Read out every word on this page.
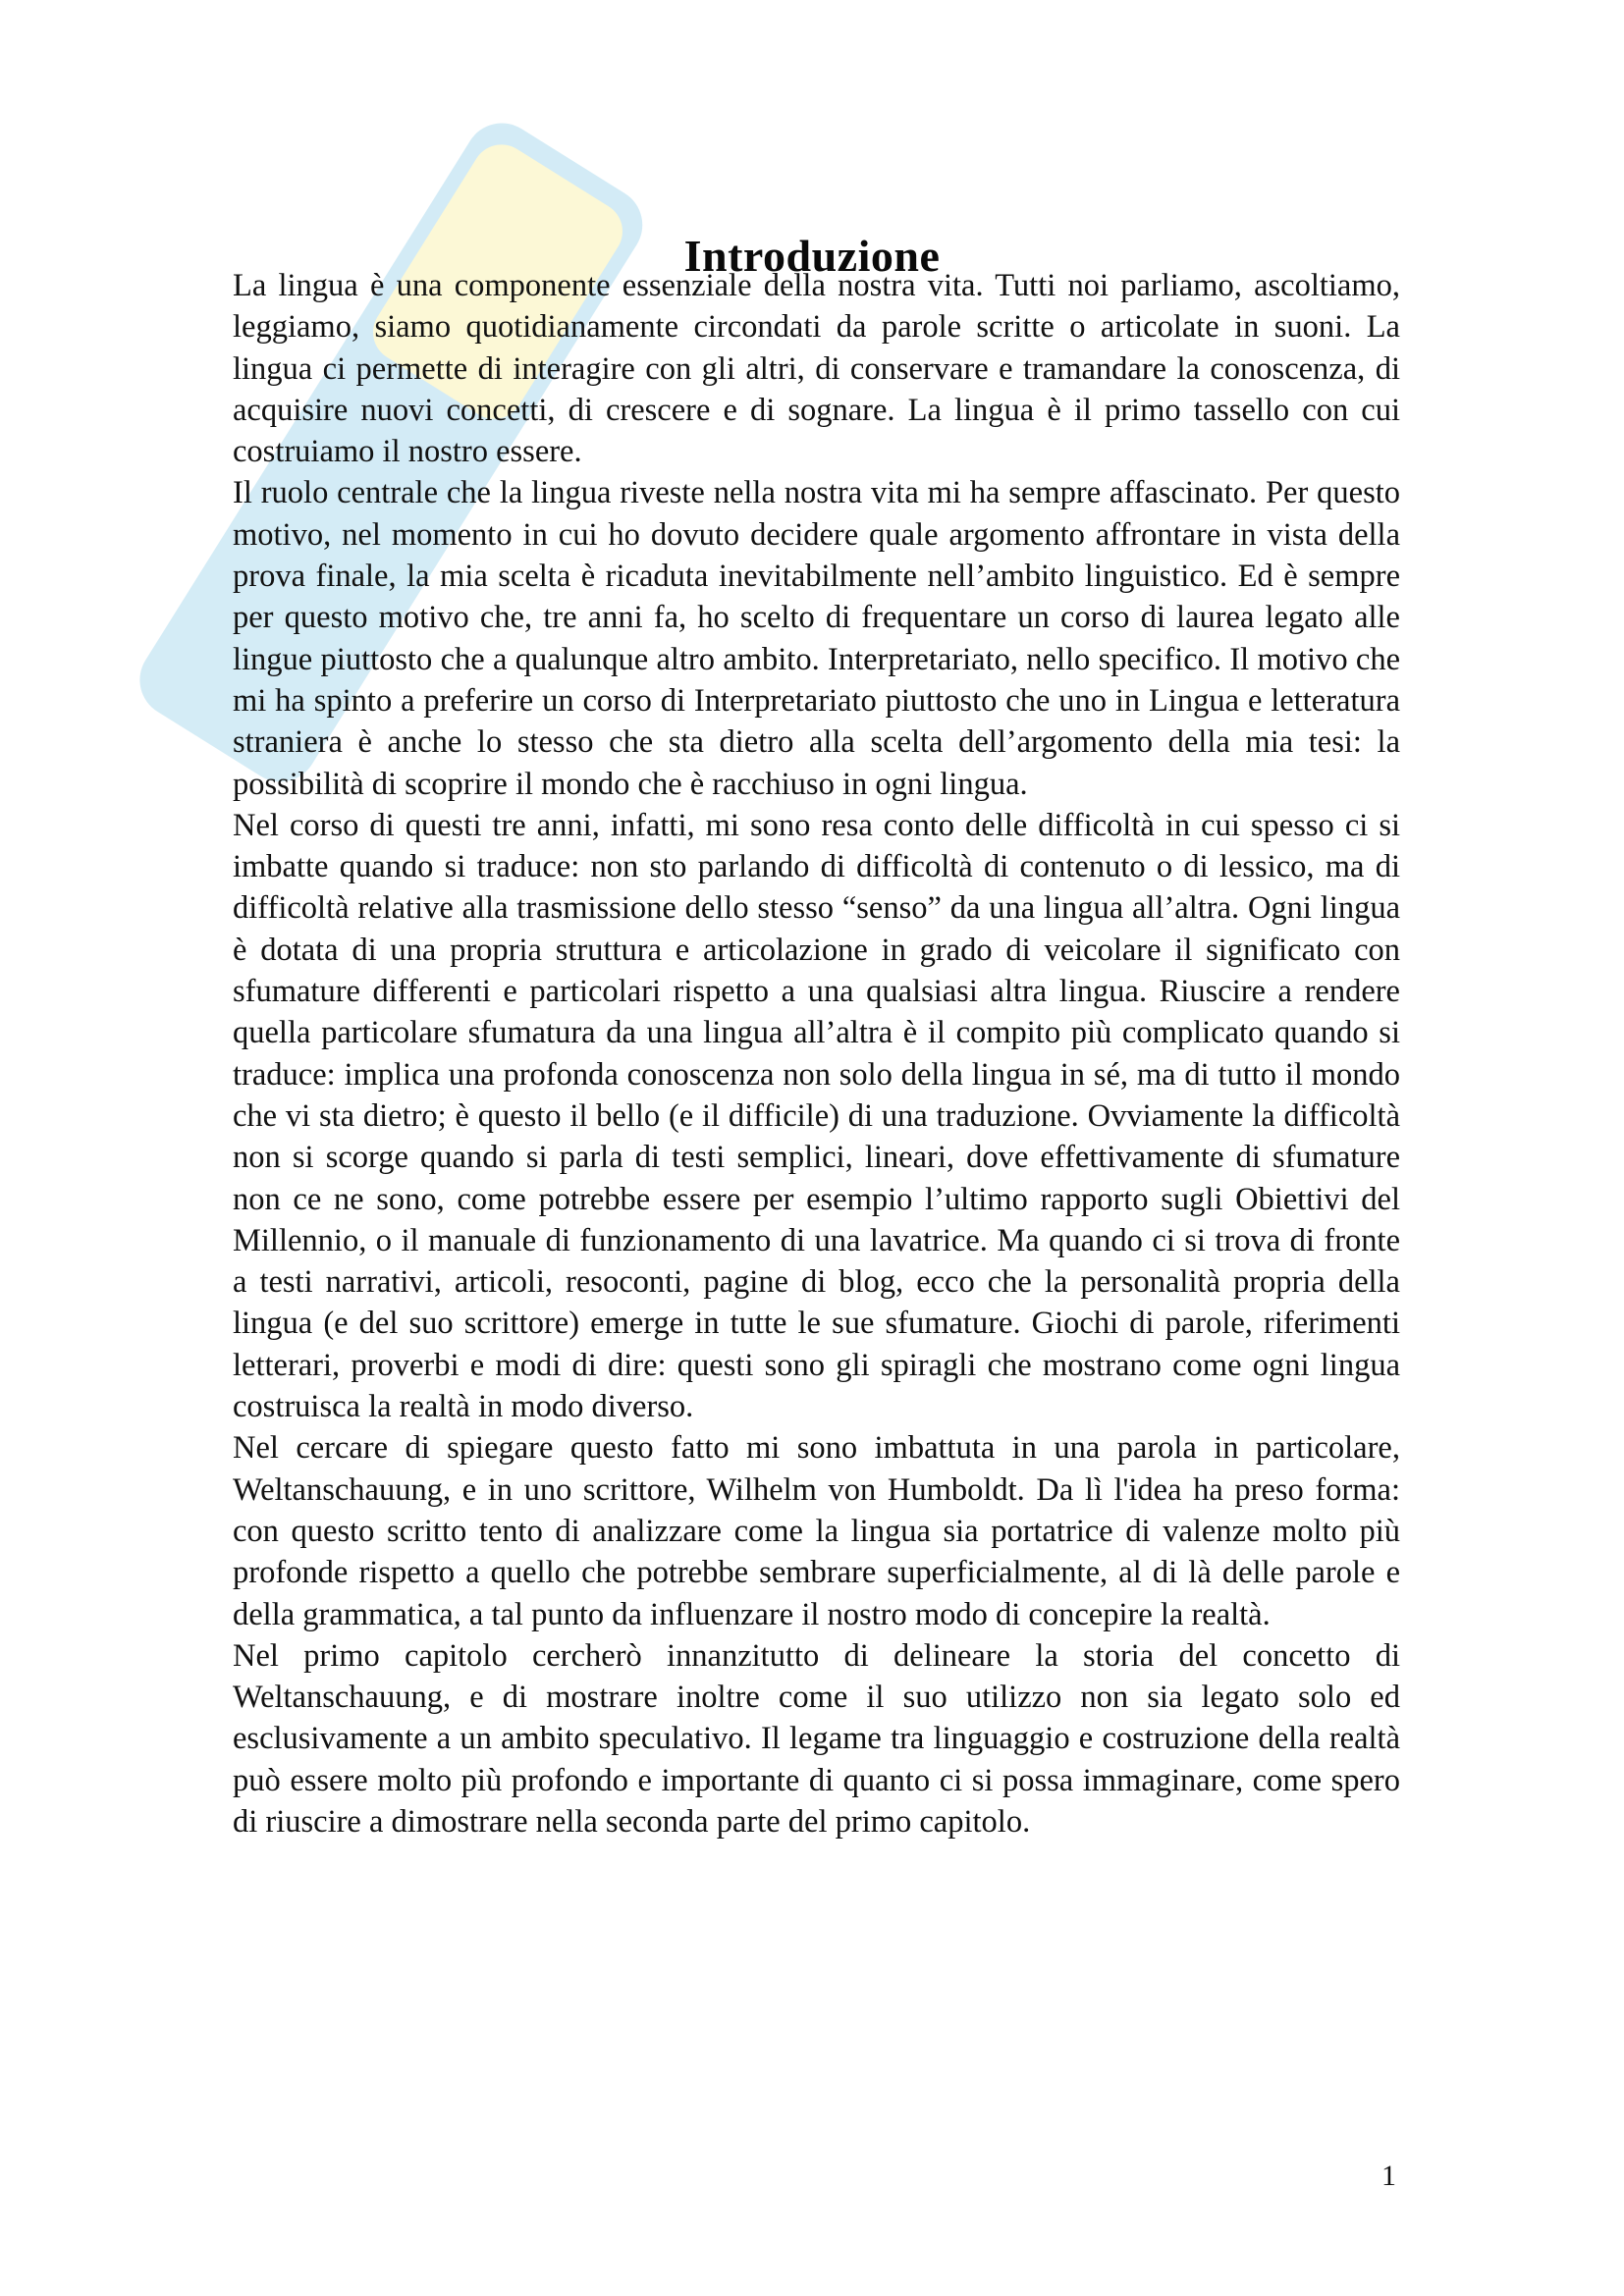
Introduzione

La lingua è una componente essenziale della nostra vita. Tutti noi parliamo, ascoltiamo, leggiamo, siamo quotidianamente circondati da parole scritte o articolate in suoni. La lingua ci permette di interagire con gli altri, di conservare e tramandare la conoscenza, di acquisire nuovi concetti, di crescere e di sognare. La lingua è il primo tassello con cui costruiamo il nostro essere.

Il ruolo centrale che la lingua riveste nella nostra vita mi ha sempre affascinato. Per questo motivo, nel momento in cui ho dovuto decidere quale argomento affrontare in vista della prova finale, la mia scelta è ricaduta inevitabilmente nell’ambito linguistico. Ed è sempre per questo motivo che, tre anni fa, ho scelto di frequentare un corso di laurea legato alle lingue piuttosto che a qualunque altro ambito. Interpretariato, nello specifico. Il motivo che mi ha spinto a preferire un corso di Interpretariato piuttosto che uno in Lingua e letteratura straniera è anche lo stesso che sta dietro alla scelta dell’argomento della mia tesi: la possibilità di scoprire il mondo che è racchiuso in ogni lingua.

Nel corso di questi tre anni, infatti, mi sono resa conto delle difficoltà in cui spesso ci si imbatte quando si traduce: non sto parlando di difficoltà di contenuto o di lessico, ma di difficoltà relative alla trasmissione dello stesso “senso” da una lingua all’altra. Ogni lingua è dotata di una propria struttura e articolazione in grado di veicolare il significato con sfumature differenti e particolari rispetto a una qualsiasi altra lingua. Riuscire a rendere quella particolare sfumatura da una lingua all’altra è il compito più complicato quando si traduce: implica una profonda conoscenza non solo della lingua in sé, ma di tutto il mondo che vi sta dietro; è questo il bello (e il difficile) di una traduzione. Ovviamente la difficoltà non si scorge quando si parla di testi semplici, lineari, dove effettivamente di sfumature non ce ne sono, come potrebbe essere per esempio l’ultimo rapporto sugli Obiettivi del Millennio, o il manuale di funzionamento di una lavatrice. Ma quando ci si trova di fronte a testi narrativi, articoli, resoconti, pagine di blog, ecco che la personalità propria della lingua (e del suo scrittore) emerge in tutte le sue sfumature. Giochi di parole, riferimenti letterari, proverbi e modi di dire: questi sono gli spiragli che mostrano come ogni lingua costruisca la realtà in modo diverso.

Nel cercare di spiegare questo fatto mi sono imbattuta in una parola in particolare, Weltanschauung, e in uno scrittore, Wilhelm von Humboldt. Da lì l'idea ha preso forma: con questo scritto tento di analizzare come la lingua sia portatrice di valenze molto più profonde rispetto a quello che potrebbe sembrare superficialmente, al di là delle parole e della grammatica, a tal punto da influenzare il nostro modo di concepire la realtà.

Nel primo capitolo cercherò innanzitutto di delineare la storia del concetto di Weltanschauung, e di mostrare inoltre come il suo utilizzo non sia legato solo ed esclusivamente a un ambito speculativo. Il legame tra linguaggio e costruzione della realtà può essere molto più profondo e importante di quanto ci si possa immaginare, come spero di riuscire a dimostrare nella seconda parte del primo capitolo.

1
